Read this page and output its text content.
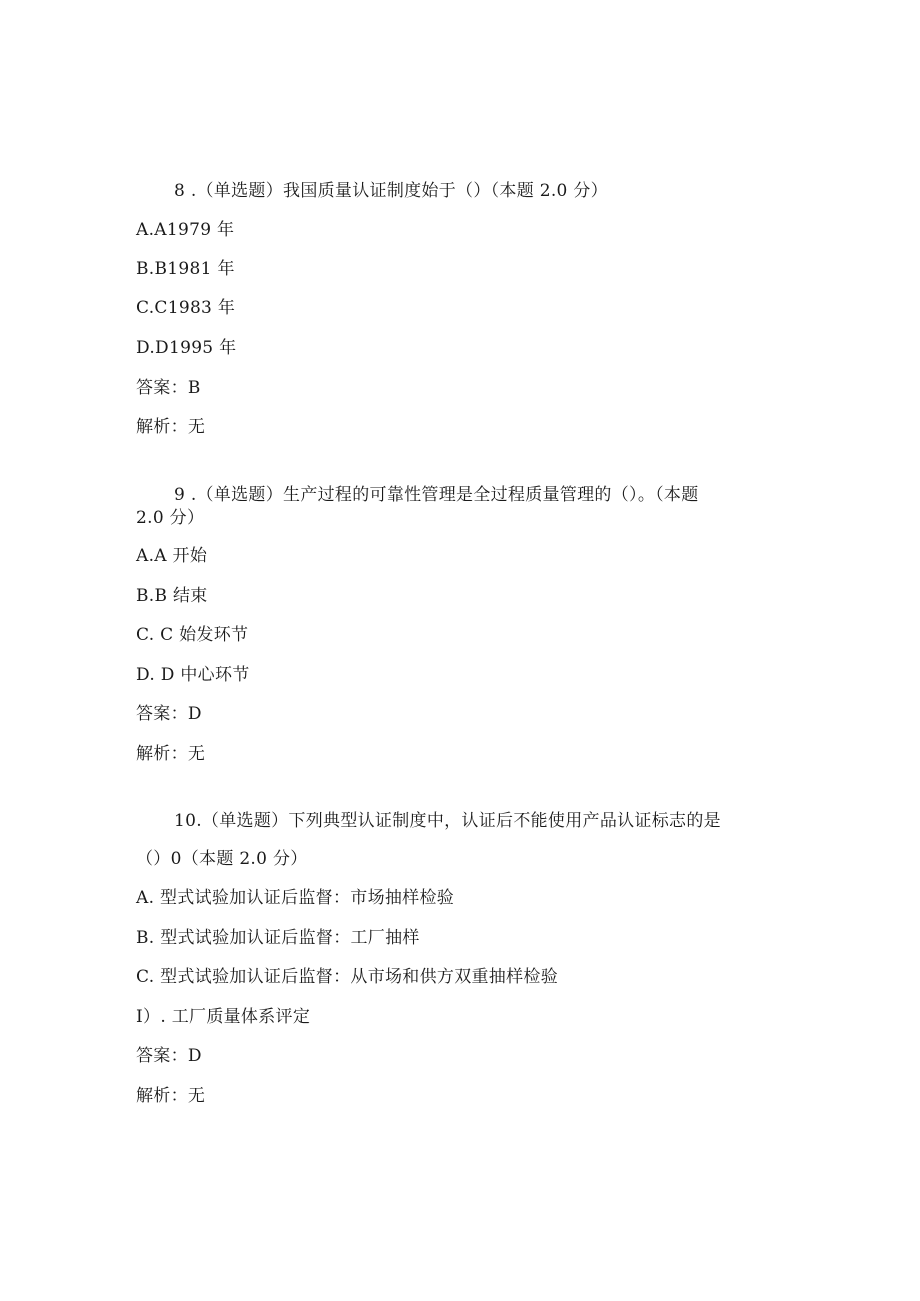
8 .（单选题）我国质量认证制度始于（）（本题 2.0 分）
A.A1979 年
B.B1981 年
C.C1983 年
D.D1995 年
答案：B
解析：无
9 .（单选题）生产过程的可靠性管理是全过程质量管理的（）。（本题
2.0 分）
A.A 开始
B.B 结束
C. C 始发环节
D. D 中心环节
答案：D
解析：无
10.（单选题）下列典型认证制度中，认证后不能使用产品认证标志的是
（）0（本题 2.0 分）
A. 型式试验加认证后监督：市场抽样检验
B. 型式试验加认证后监督：工厂抽样
C. 型式试验加认证后监督：从市场和供方双重抽样检验
I）. 工厂质量体系评定
答案：D
解析：无
